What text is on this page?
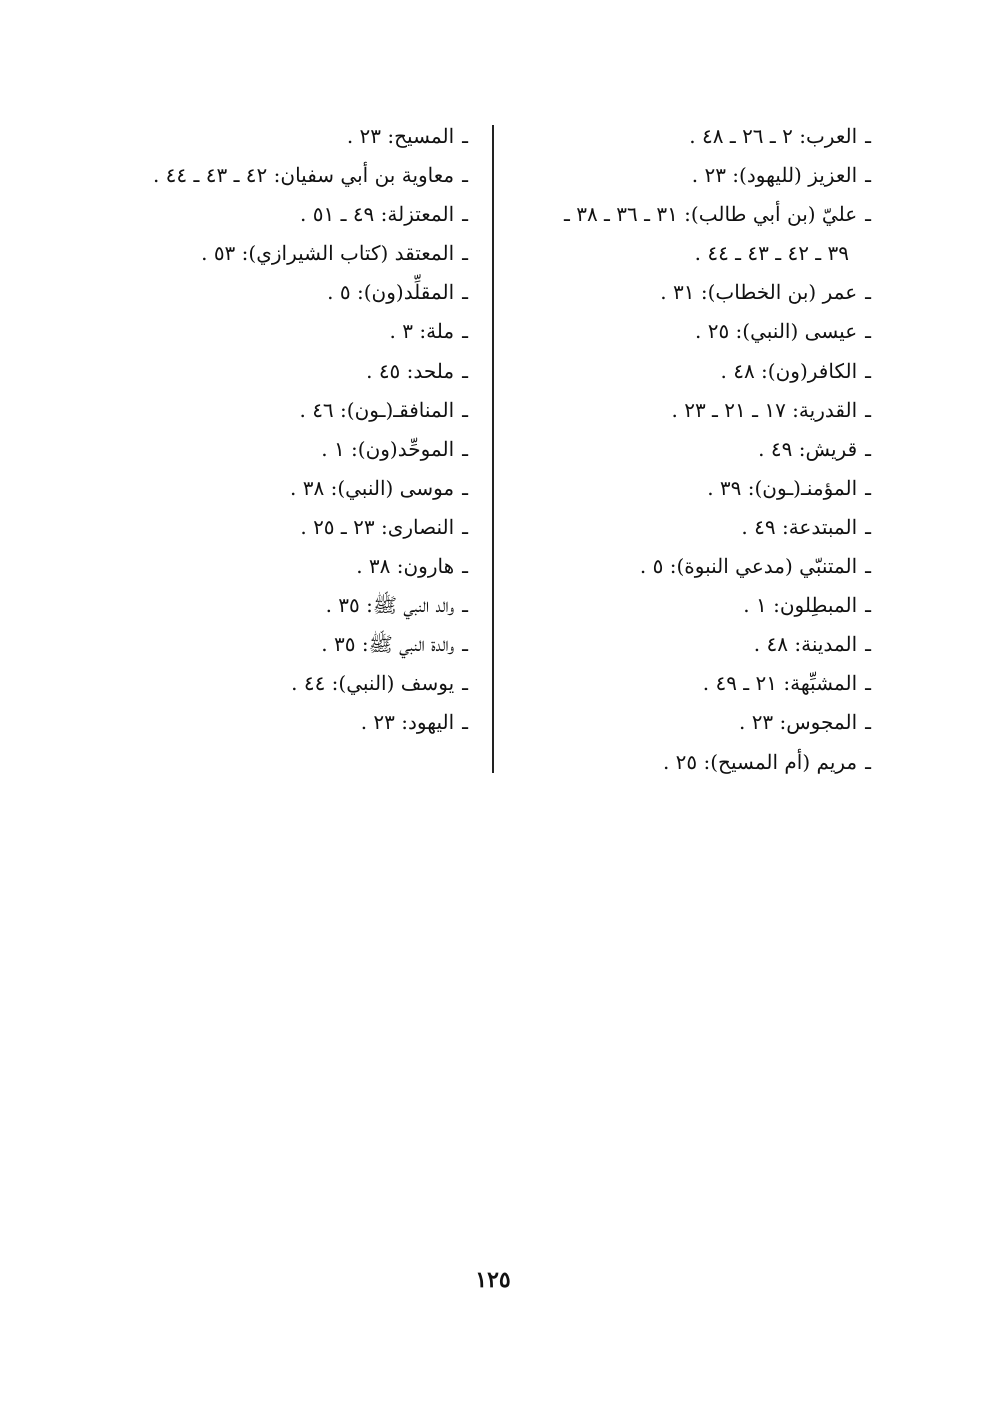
ـالعرب: ٢ ـ ٢٦ ـ ٤٨ .
ـالعزيز (لليهود): ٢٣ .
ـعليّ (بن أبي طالب): ٣١ ـ ٣٦ ـ ٣٨ ـ
٣٩ ـ ٤٢ ـ ٤٣ ـ ٤٤ .
ـعمر (بن الخطاب): ٣١ .
ـعيسى (النبي): ٢٥ .
ـالكافر(ون): ٤٨ .
ـالقدرية: ١٧ ـ ٢١ ـ ٢٣ .
ـقريش: ٤٩ .
ـالمؤمنـ(ـون): ٣٩ .
ـالمبتدعة: ٤٩ .
ـالمتنبّي (مدعي النبوة): ٥ .
ـالمبطِلون: ١ .
ـالمدينة: ٤٨ .
ـالمشبِّهة: ٢١ ـ ٤٩ .
ـالمجوس: ٢٣ .
ـمريم (أم المسيح): ٢٥ .
ـالمسيح: ٢٣ .
ـمعاوية بن أبي سفيان: ٤٢ ـ ٤٣ ـ ٤٤ .
ـالمعتزلة: ٤٩ ـ ٥١ .
ـالمعتقد (كتاب الشيرازي): ٥٣ .
ـالمقلِّد(ون): ٥ .
ـملة: ٣ .
ـملحد: ٤٥ .
ـالمنافقـ(ـون): ٤٦ .
ـالموحِّد(ون): ١ .
ـموسى (النبي): ٣٨ .
ـالنصارى: ٢٣ ـ ٢٥ .
ـهارون: ٣٨ .
ـوالد النبي ﷺ: ٣٥ .
ـوالدة النبي ﷺ: ٣٥ .
ـيوسف (النبي): ٤٤ .
ـاليهود: ٢٣ .
١٢٥
